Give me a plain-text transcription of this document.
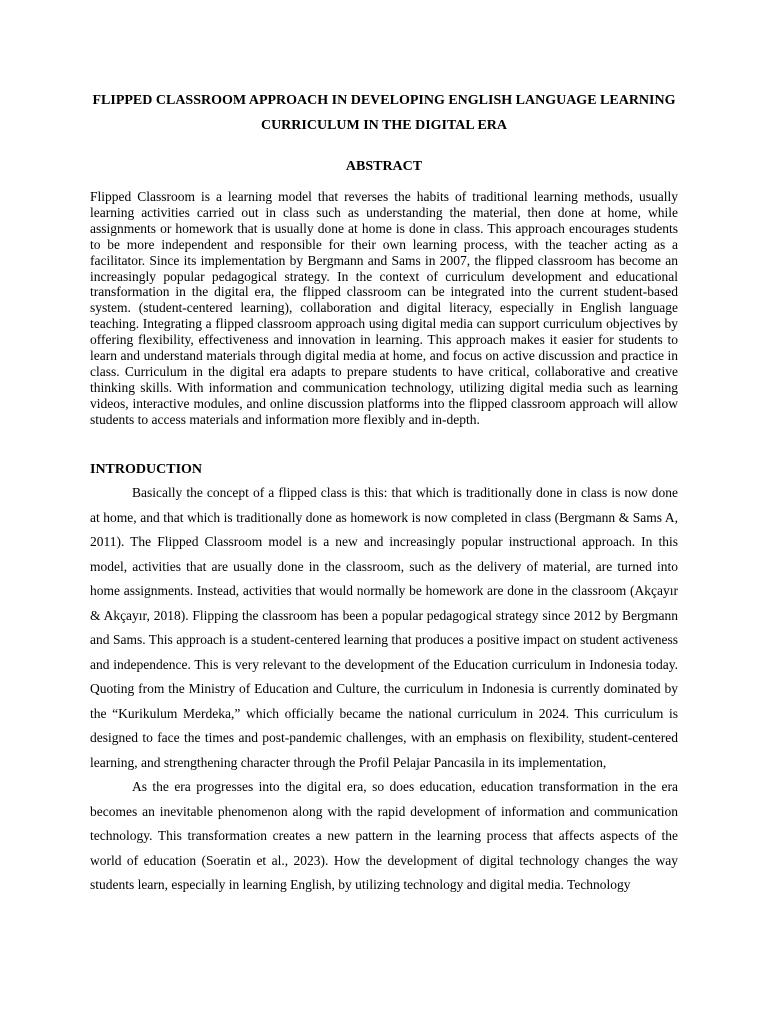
FLIPPED CLASSROOM APPROACH IN DEVELOPING ENGLISH LANGUAGE LEARNING CURRICULUM IN THE DIGITAL ERA
ABSTRACT

Flipped Classroom is a learning model that reverses the habits of traditional learning methods, usually learning activities carried out in class such as understanding the material, then done at home, while assignments or homework that is usually done at home is done in class. This approach encourages students to be more independent and responsible for their own learning process, with the teacher acting as a facilitator. Since its implementation by Bergmann and Sams in 2007, the flipped classroom has become an increasingly popular pedagogical strategy. In the context of curriculum development and educational transformation in the digital era, the flipped classroom can be integrated into the current student-based system. (student-centered learning), collaboration and digital literacy, especially in English language teaching. Integrating a flipped classroom approach using digital media can support curriculum objectives by offering flexibility, effectiveness and innovation in learning. This approach makes it easier for students to learn and understand materials through digital media at home, and focus on active discussion and practice in class. Curriculum in the digital era adapts to prepare students to have critical, collaborative and creative thinking skills. With information and communication technology, utilizing digital media such as learning videos, interactive modules, and online discussion platforms into the flipped classroom approach will allow students to access materials and information more flexibly and in-depth.

INTRODUCTION

Basically the concept of a flipped class is this: that which is traditionally done in class is now done at home, and that which is traditionally done as homework is now completed in class (Bergmann & Sams A, 2011). The Flipped Classroom model is a new and increasingly popular instructional approach. In this model, activities that are usually done in the classroom, such as the delivery of material, are turned into home assignments. Instead, activities that would normally be homework are done in the classroom (Akçayır & Akçayır, 2018). Flipping the classroom has been a popular pedagogical strategy since 2012 by Bergmann and Sams. This approach is a student-centered learning that produces a positive impact on student activeness and independence. This is very relevant to the development of the Education curriculum in Indonesia today. Quoting from the Ministry of Education and Culture, the curriculum in Indonesia is currently dominated by the “Kurikulum Merdeka,” which officially became the national curriculum in 2024. This curriculum is designed to face the times and post-pandemic challenges, with an emphasis on flexibility, student-centered learning, and strengthening character through the Profil Pelajar Pancasila in its implementation,

As the era progresses into the digital era, so does education, education transformation in the era becomes an inevitable phenomenon along with the rapid development of information and communication technology. This transformation creates a new pattern in the learning process that affects aspects of the world of education (Soeratin et al., 2023). How the development of digital technology changes the way students learn, especially in learning English, by utilizing technology and digital media. Technology
